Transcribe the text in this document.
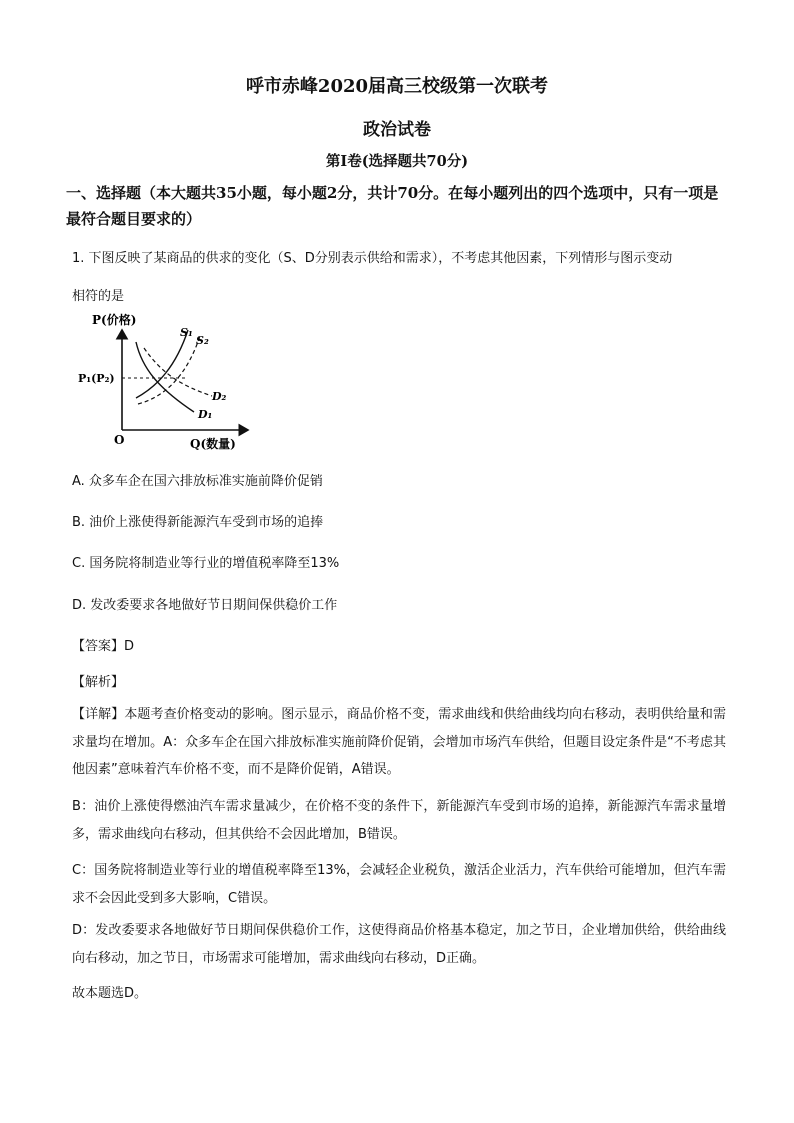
呼市赤峰2020届高三校级第一次联考
政治试卷
第Ⅰ卷(选择题共70分)
一、选择题（本大题共35小题，每小题2分，共计70分。在每小题列出的四个选项中，只有一项是最符合题目要求的）
1. 下图反映了某商品的供求的变化（S、D分别表示供给和需求），不考虑其他因素，下列情形与图示变动
相符的是
P(价格)
Q(数量)
O
P₁(P₂)
S₁
S₂
D₂
D₁
A. 众多车企在国六排放标准实施前降价促销
B. 油价上涨使得新能源汽车受到市场的追捧
C. 国务院将制造业等行业的增值税率降至13%
D. 发改委要求各地做好节日期间保供稳价工作
【答案】D
【解析】
【详解】本题考查价格变动的影响。图示显示，商品价格不变，需求曲线和供给曲线均向右移动，表明供给量和需求量均在增加。A：众多车企在国六排放标准实施前降价促销，会增加市场汽车供给，但题目设定条件是“不考虑其他因素”意味着汽车价格不变，而不是降价促销，A错误。
B：油价上涨使得燃油汽车需求量减少，在价格不变的条件下，新能源汽车受到市场的追捧，新能源汽车需求量增多，需求曲线向右移动，但其供给不会因此增加，B错误。
C：国务院将制造业等行业的增值税率降至13%，会减轻企业税负，激活企业活力，汽车供给可能增加，但汽车需求不会因此受到多大影响，C错误。
D：发改委要求各地做好节日期间保供稳价工作，这使得商品价格基本稳定，加之节日，企业增加供给，供给曲线向右移动，加之节日，市场需求可能增加，需求曲线向右移动，D正确。
故本题选D。
